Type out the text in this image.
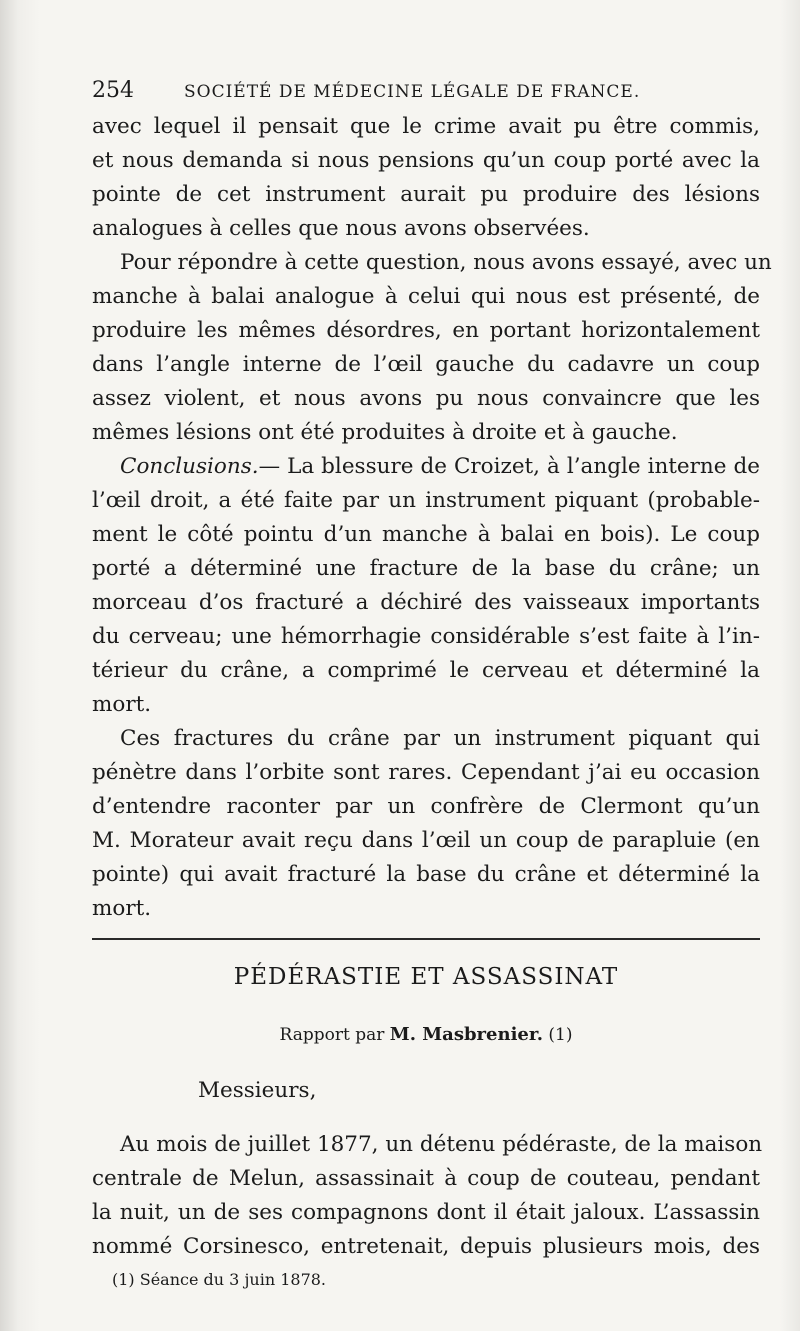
254	SOCIÉTÉ DE MÉDECINE LÉGALE DE FRANCE.
avec lequel il pensait que le crime avait pu être commis,
et nous demanda si nous pensions qu’un coup porté avec la
pointe de cet instrument aurait pu produire des lésions
analogues à celles que nous avons observées.
Pour répondre à cette question, nous avons essayé, avec un
manche à balai analogue à celui qui nous est présenté, de
produire les mêmes désordres, en portant horizontalement
dans l’angle interne de l’œil gauche du cadavre un coup
assez violent, et nous avons pu nous convaincre que les
mêmes lésions ont été produites à droite et à gauche.
Conclusions.— La blessure de Croizet, à l’angle interne de
l’œil droit, a été faite par un instrument piquant (probable-
ment le côté pointu d’un manche à balai en bois). Le coup
porté a déterminé une fracture de la base du crâne; un
morceau d’os fracturé a déchiré des vaisseaux importants
du cerveau; une hémorrhagie considérable s’est faite à l’in-
térieur du crâne, a comprimé le cerveau et déterminé la
mort.
Ces fractures du crâne par un instrument piquant qui
pénètre dans l’orbite sont rares. Cependant j’ai eu occasion
d’entendre raconter par un confrère de Clermont qu’un
M. Morateur avait reçu dans l’œil un coup de parapluie (en
pointe) qui avait fracturé la base du crâne et déterminé la
mort.
PÉDÉRASTIE ET ASSASSINAT
Rapport par M. Masbrenier. (1)
Messieurs,
Au mois de juillet 1877, un détenu pédéraste, de la maison
centrale de Melun, assassinait à coup de couteau, pendant
la nuit, un de ses compagnons dont il était jaloux. L’assassin
nommé Corsinesco, entretenait, depuis plusieurs mois, des
(1) Séance du 3 juin 1878.
